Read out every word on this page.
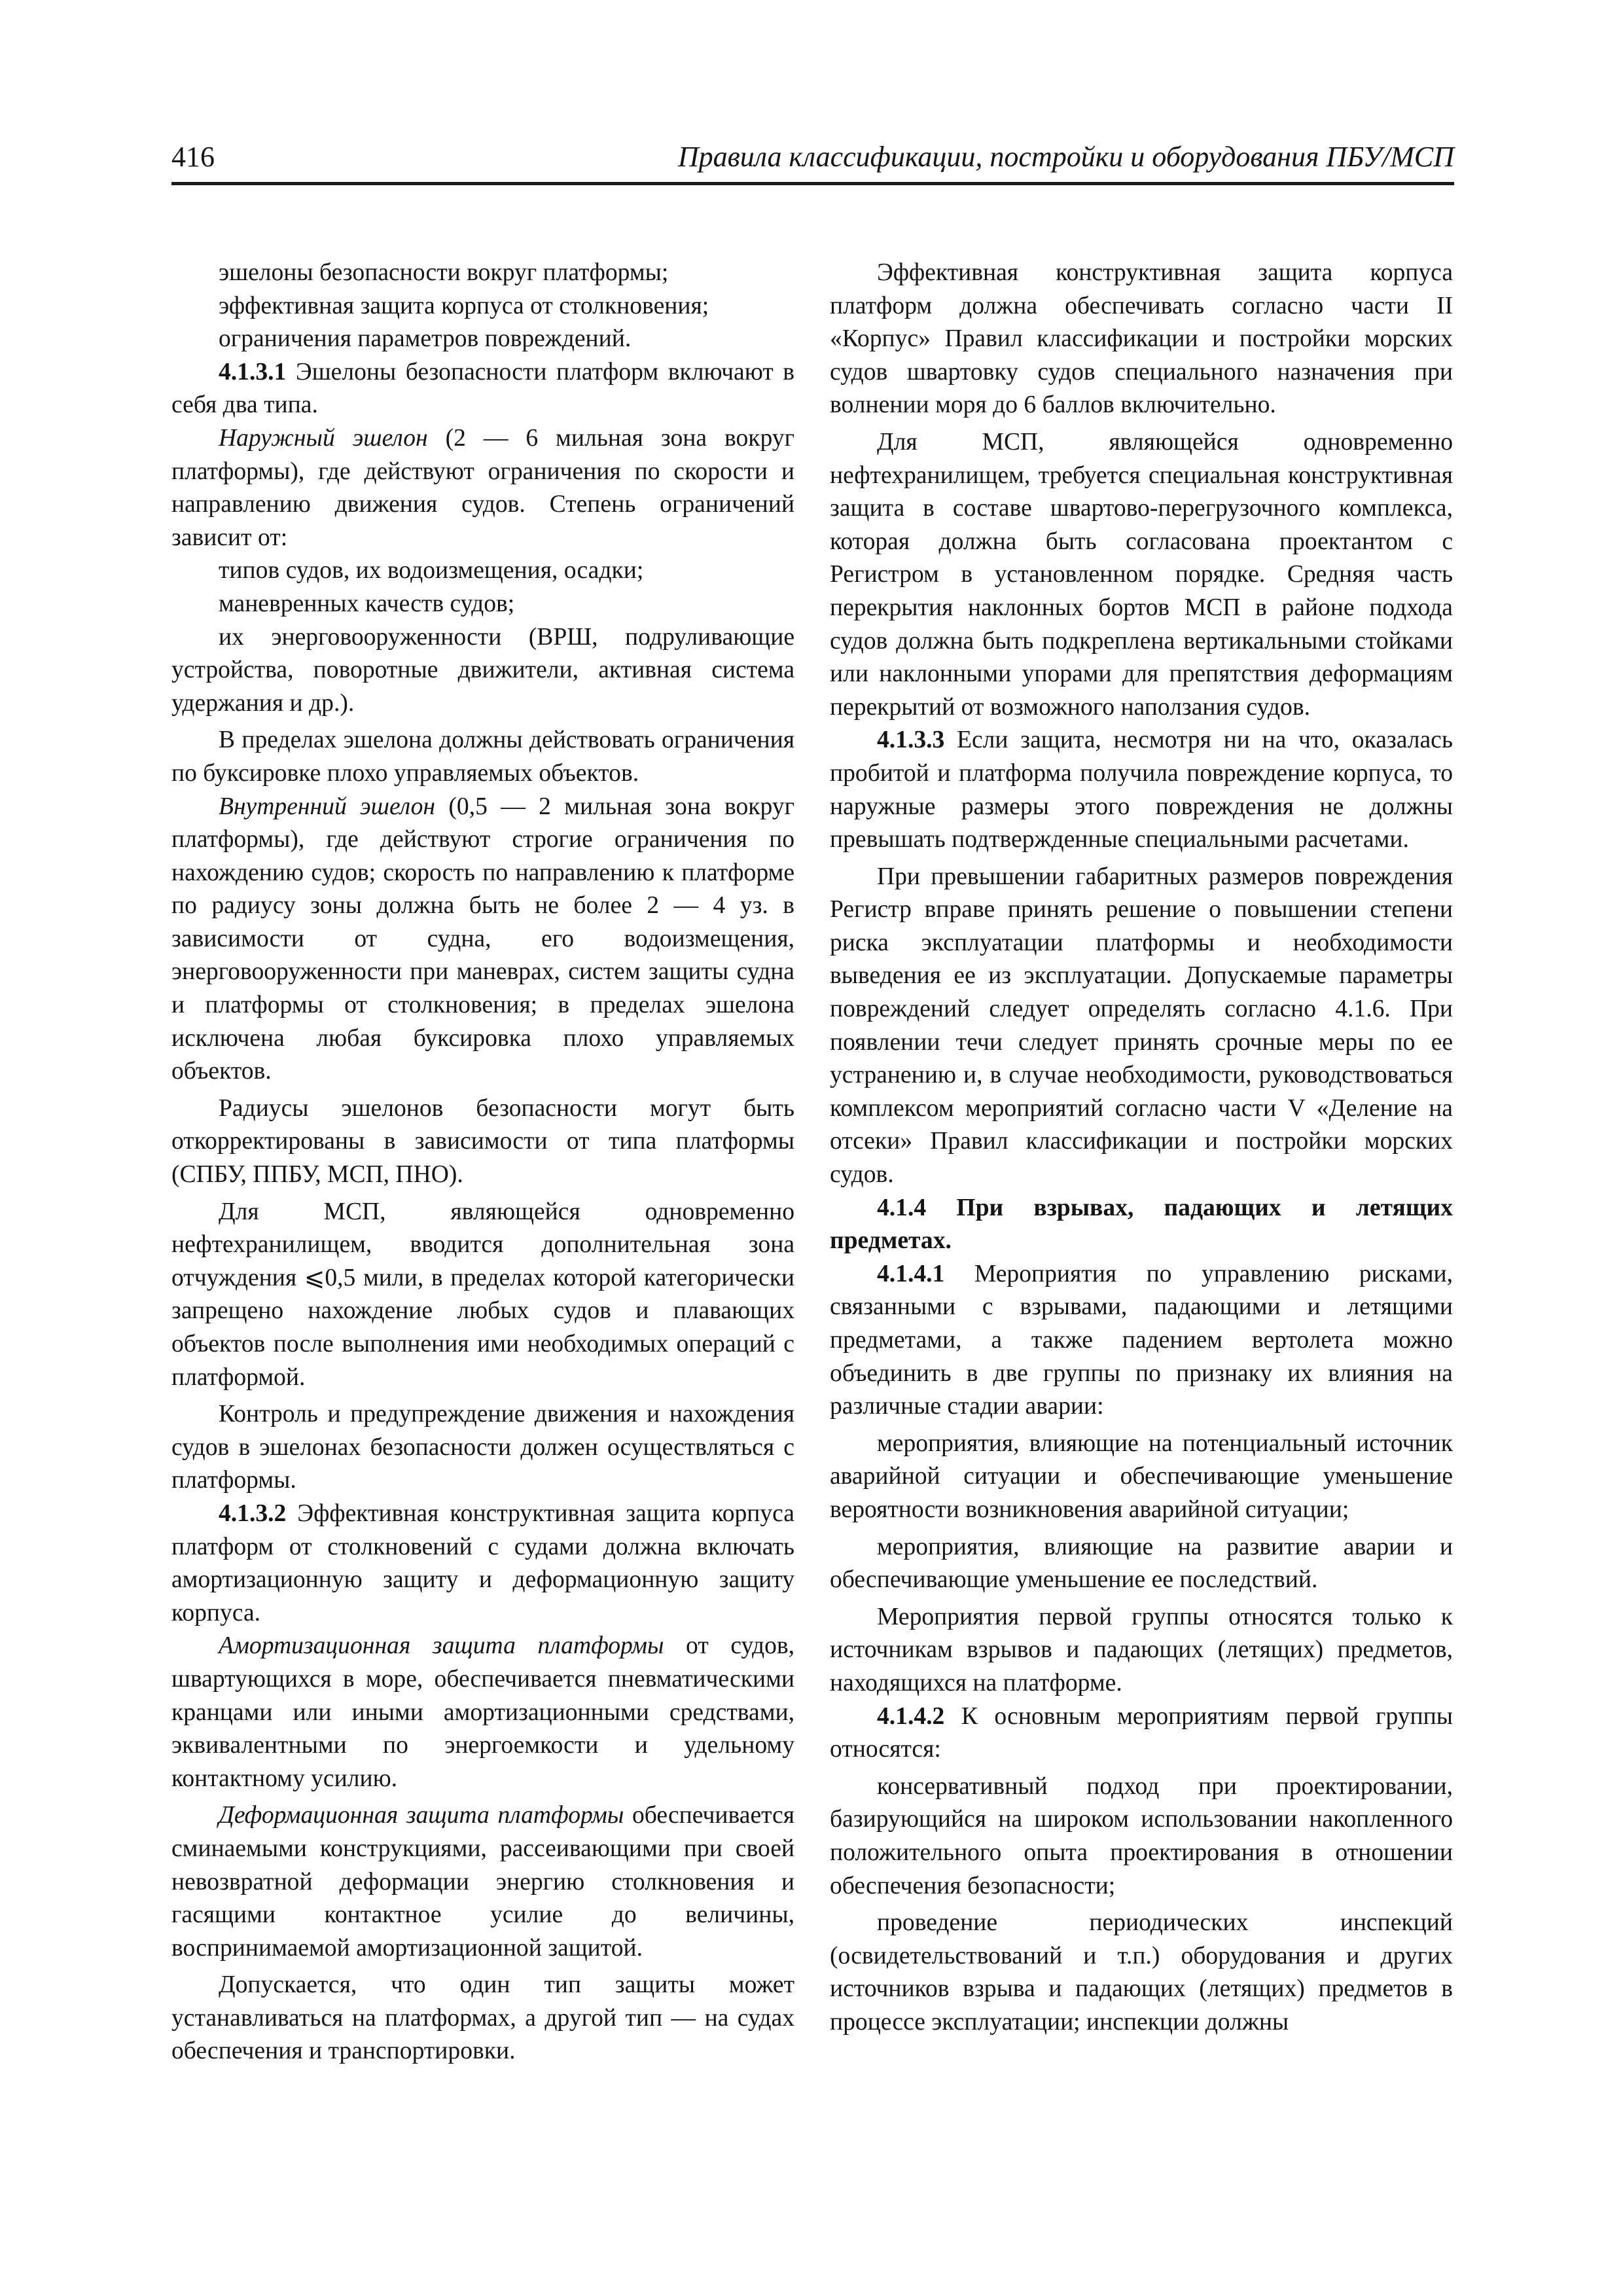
416	Правила классификации, постройки и оборудования ПБУ/МСП

эшелоны безопасности вокруг платформы;

эффективная защита корпуса от столкновения;

ограничения параметров повреждений.

4.1.3.1 Эшелоны безопасности платформ включают в себя два типа.

Наружный эшелон (2 — 6 мильная зона вокруг платформы), где действуют ограничения по скорости и направлению движения судов. Степень ограничений зависит от:

типов судов, их водоизмещения, осадки;

маневренных качеств судов;

их энерговооруженности (ВРШ, подруливающие устройства, поворотные движители, активная система удержания и др.).

В пределах эшелона должны действовать ограничения по буксировке плохо управляемых объектов.

Внутренний эшелон (0,5 — 2 мильная зона вокруг платформы), где действуют строгие ограничения по нахождению судов; скорость по направлению к платформе по радиусу зоны должна быть не более 2 — 4 уз. в зависимости от судна, его водоизмещения, энерговооруженности при маневрах, систем защиты судна и платформы от столкновения; в пределах эшелона исключена любая буксировка плохо управляемых объектов.

Радиусы эшелонов безопасности могут быть откорректированы в зависимости от типа платформы (СПБУ, ППБУ, МСП, ПНО).

Для МСП, являющейся одновременно нефтехранилищем, вводится дополнительная зона отчуждения ⩽0,5 мили, в пределах которой категорически запрещено нахождение любых судов и плавающих объектов после выполнения ими необходимых операций с платформой.

Контроль и предупреждение движения и нахождения судов в эшелонах безопасности должен осуществляться с платформы.

4.1.3.2 Эффективная конструктивная защита корпуса платформ от столкновений с судами должна включать амортизационную защиту и деформационную защиту корпуса.

Амортизационная защита платформы от судов, швартующихся в море, обеспечивается пневматическими кранцами или иными амортизационными средствами, эквивалентными по энергоемкости и удельному контактному усилию.

Деформационная защита платформы обеспечивается сминаемыми конструкциями, рассеивающими при своей невозвратной деформации энергию столкновения и гасящими контактное усилие до величины, воспринимаемой амортизационной защитой.

Допускается, что один тип защиты может устанавливаться на платформах, а другой тип — на судах обеспечения и транспортировки.

Эффективная конструктивная защита корпуса платформ должна обеспечивать согласно части II «Корпус» Правил классификации и постройки морских судов швартовку судов специального назначения при волнении моря до 6 баллов включительно.

Для МСП, являющейся одновременно нефтехранилищем, требуется специальная конструктивная защита в составе швартово-перегрузочного комплекса, которая должна быть согласована проектантом с Регистром в установленном порядке. Средняя часть перекрытия наклонных бортов МСП в районе подхода судов должна быть подкреплена вертикальными стойками или наклонными упорами для препятствия деформациям перекрытий от возможного наползания судов.

4.1.3.3 Если защита, несмотря ни на что, оказалась пробитой и платформа получила повреждение корпуса, то наружные размеры этого повреждения не должны превышать подтвержденные специальными расчетами.

При превышении габаритных размеров повреждения Регистр вправе принять решение о повышении степени риска эксплуатации платформы и необходимости выведения ее из эксплуатации. Допускаемые параметры повреждений следует определять согласно 4.1.6. При появлении течи следует принять срочные меры по ее устранению и, в случае необходимости, руководствоваться комплексом мероприятий согласно части V «Деление на отсеки» Правил классификации и постройки морских судов.

4.1.4 При взрывах, падающих и летящих предметах.

4.1.4.1 Мероприятия по управлению рисками, связанными с взрывами, падающими и летящими предметами, а также падением вертолета можно объединить в две группы по признаку их влияния на различные стадии аварии:

мероприятия, влияющие на потенциальный источник аварийной ситуации и обеспечивающие уменьшение вероятности возникновения аварийной ситуации;

мероприятия, влияющие на развитие аварии и обеспечивающие уменьшение ее последствий.

Мероприятия первой группы относятся только к источникам взрывов и падающих (летящих) предметов, находящихся на платформе.

4.1.4.2 К основным мероприятиям первой группы относятся:

консервативный подход при проектировании, базирующийся на широком использовании накопленного положительного опыта проектирования в отношении обеспечения безопасности;

проведение периодических инспекций (освидетельствований и т.п.) оборудования и других источников взрыва и падающих (летящих) предметов в процессе эксплуатации; инспекции должны
